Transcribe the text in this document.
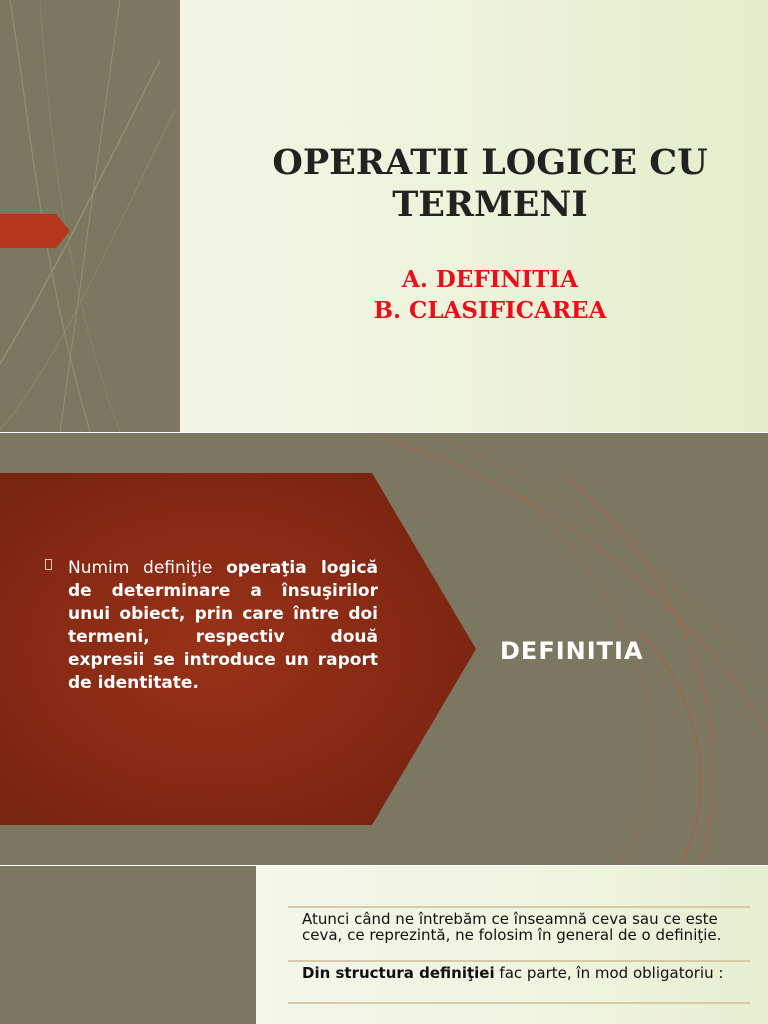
OPERATII LOGICE CU TERMENI
A. DEFINITIA
B. CLASIFICAREA

Numim definiţie operaţia logică de determinare a însuşirilor unui obiect, prin care între doi termeni, respectiv două expresii se introduce un raport de identitate.

DEFINITIA

Atunci când ne întrebăm ce înseamnă ceva sau ce este ceva, ce reprezintă, ne folosim în general de o definiţie.

Din structura definiţiei fac parte, în mod obligatoriu :
